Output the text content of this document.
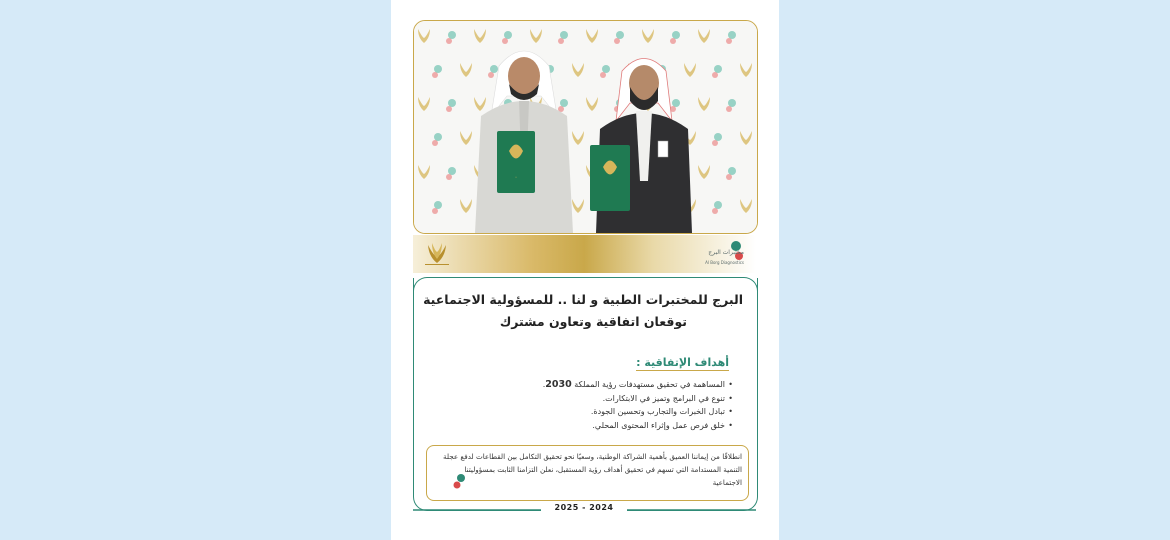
•
مختبرات البرج
Al Borg Diagnostics
البرج للمختبرات الطبية و لنا .. للمسؤولية الاجتماعية
توقعان اتفاقية وتعاون مشترك
أهداف الإتفاقية :
• المساهمة في تحقيق مستهدفات رؤية المملكة 2030.
• تنوع في البرامج وتميز في الابتكارات.
• تبادل الخبرات والتجارب وتحسين الجودة.
• خلق فرص عمل وإثراء المحتوى المحلي.

انطلاقًا من إيماننا العميق بأهمية الشراكة الوطنية، وسعيًا نحو تحقيق التكامل بين القطاعات لدفع عجلة التنمية المستدامة التي تسهم في تحقيق أهداف رؤية المستقبل، نعلن التزامنا الثابت بمسؤوليتنا الاجتماعية

2025 - 2024
